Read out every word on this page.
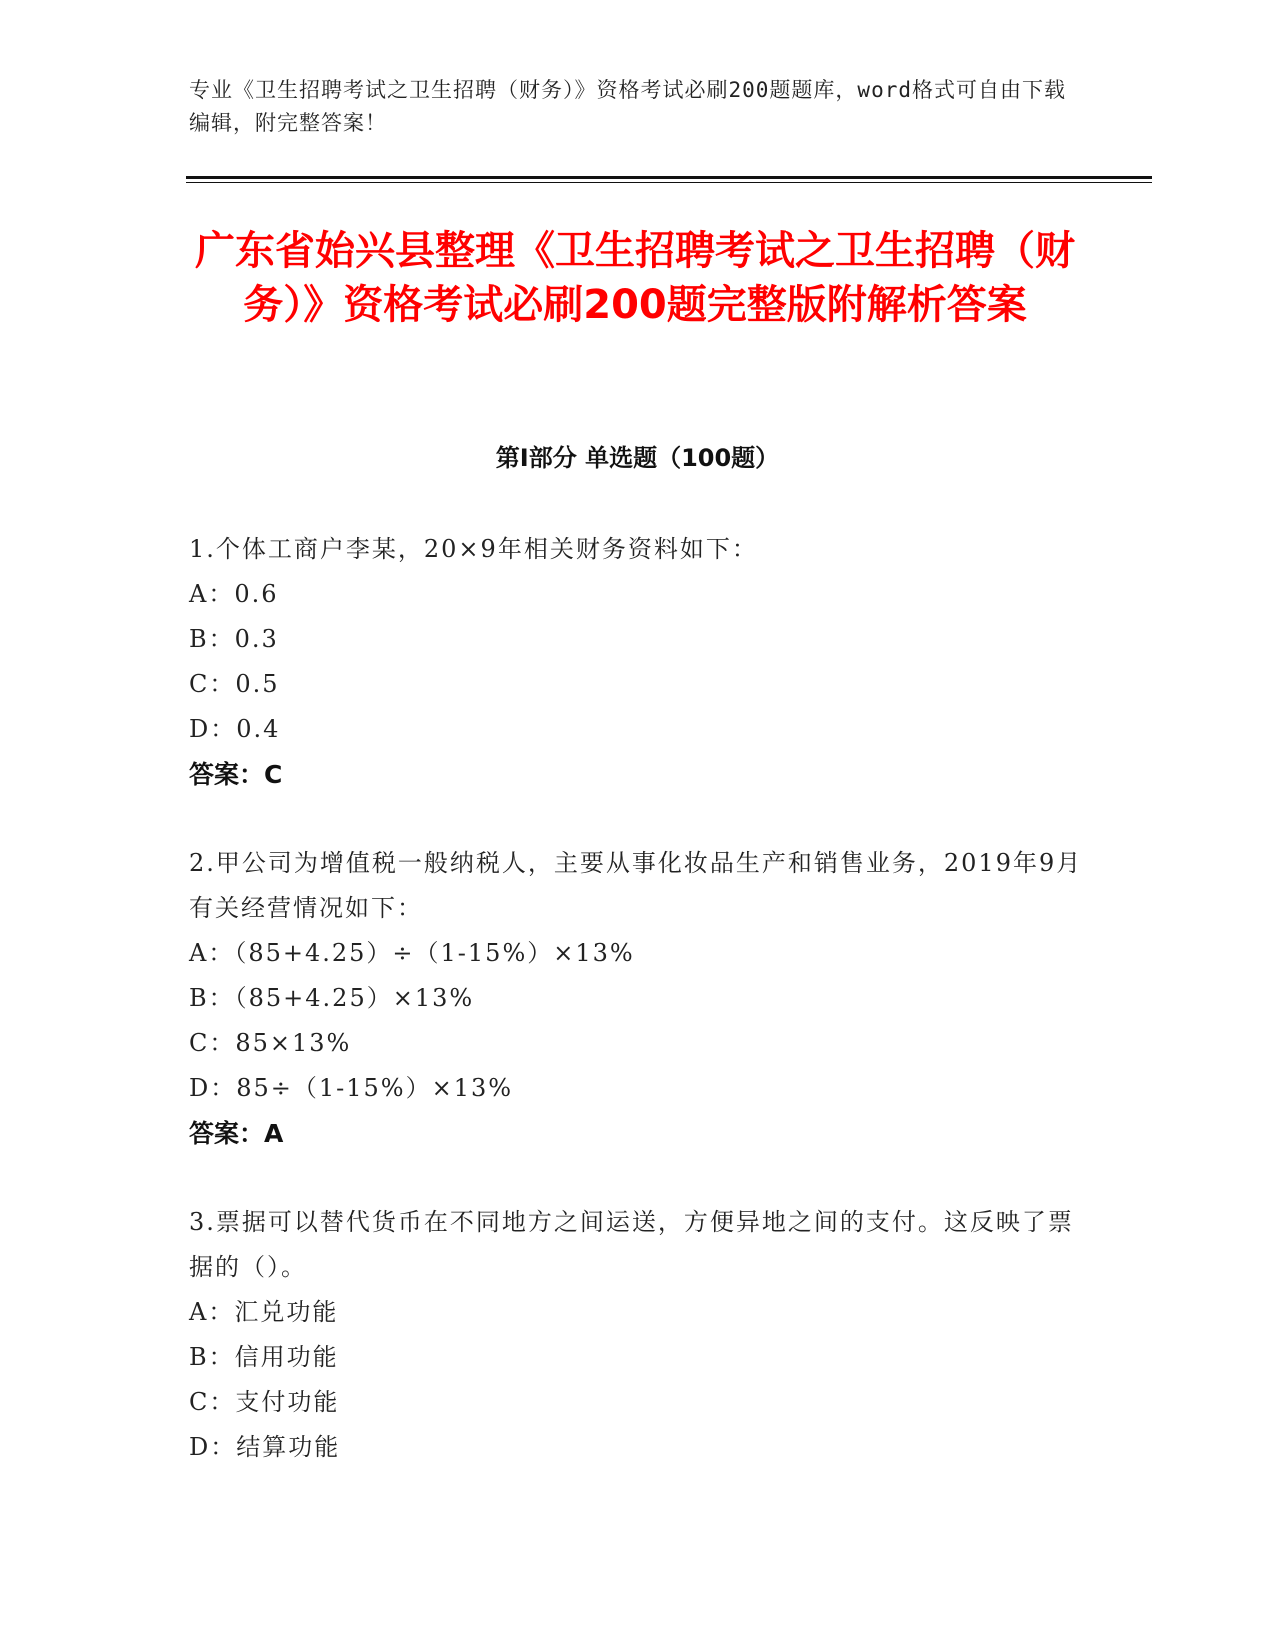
专业《卫生招聘考试之卫生招聘（财务）》资格考试必刷200题题库，word格式可自由下载编辑，附完整答案！
广东省始兴县整理《卫生招聘考试之卫生招聘（财务）》资格考试必刷200题完整版附解析答案
第Ⅰ部分 单选题（100题）
1.个体工商户李某，20×9年相关财务资料如下：
A：0.6
B：0.3
C：0.5
D：0.4
答案：C
2.甲公司为增值税一般纳税人，主要从事化妆品生产和销售业务，2019年9月有关经营情况如下：
A：（85+4.25）÷（1-15%）×13%
B：（85+4.25）×13%
C：85×13%
D：85÷（1-15%）×13%
答案：A
3.票据可以替代货币在不同地方之间运送，方便异地之间的支付。这反映了票据的（）。
A：汇兑功能
B：信用功能
C：支付功能
D：结算功能
